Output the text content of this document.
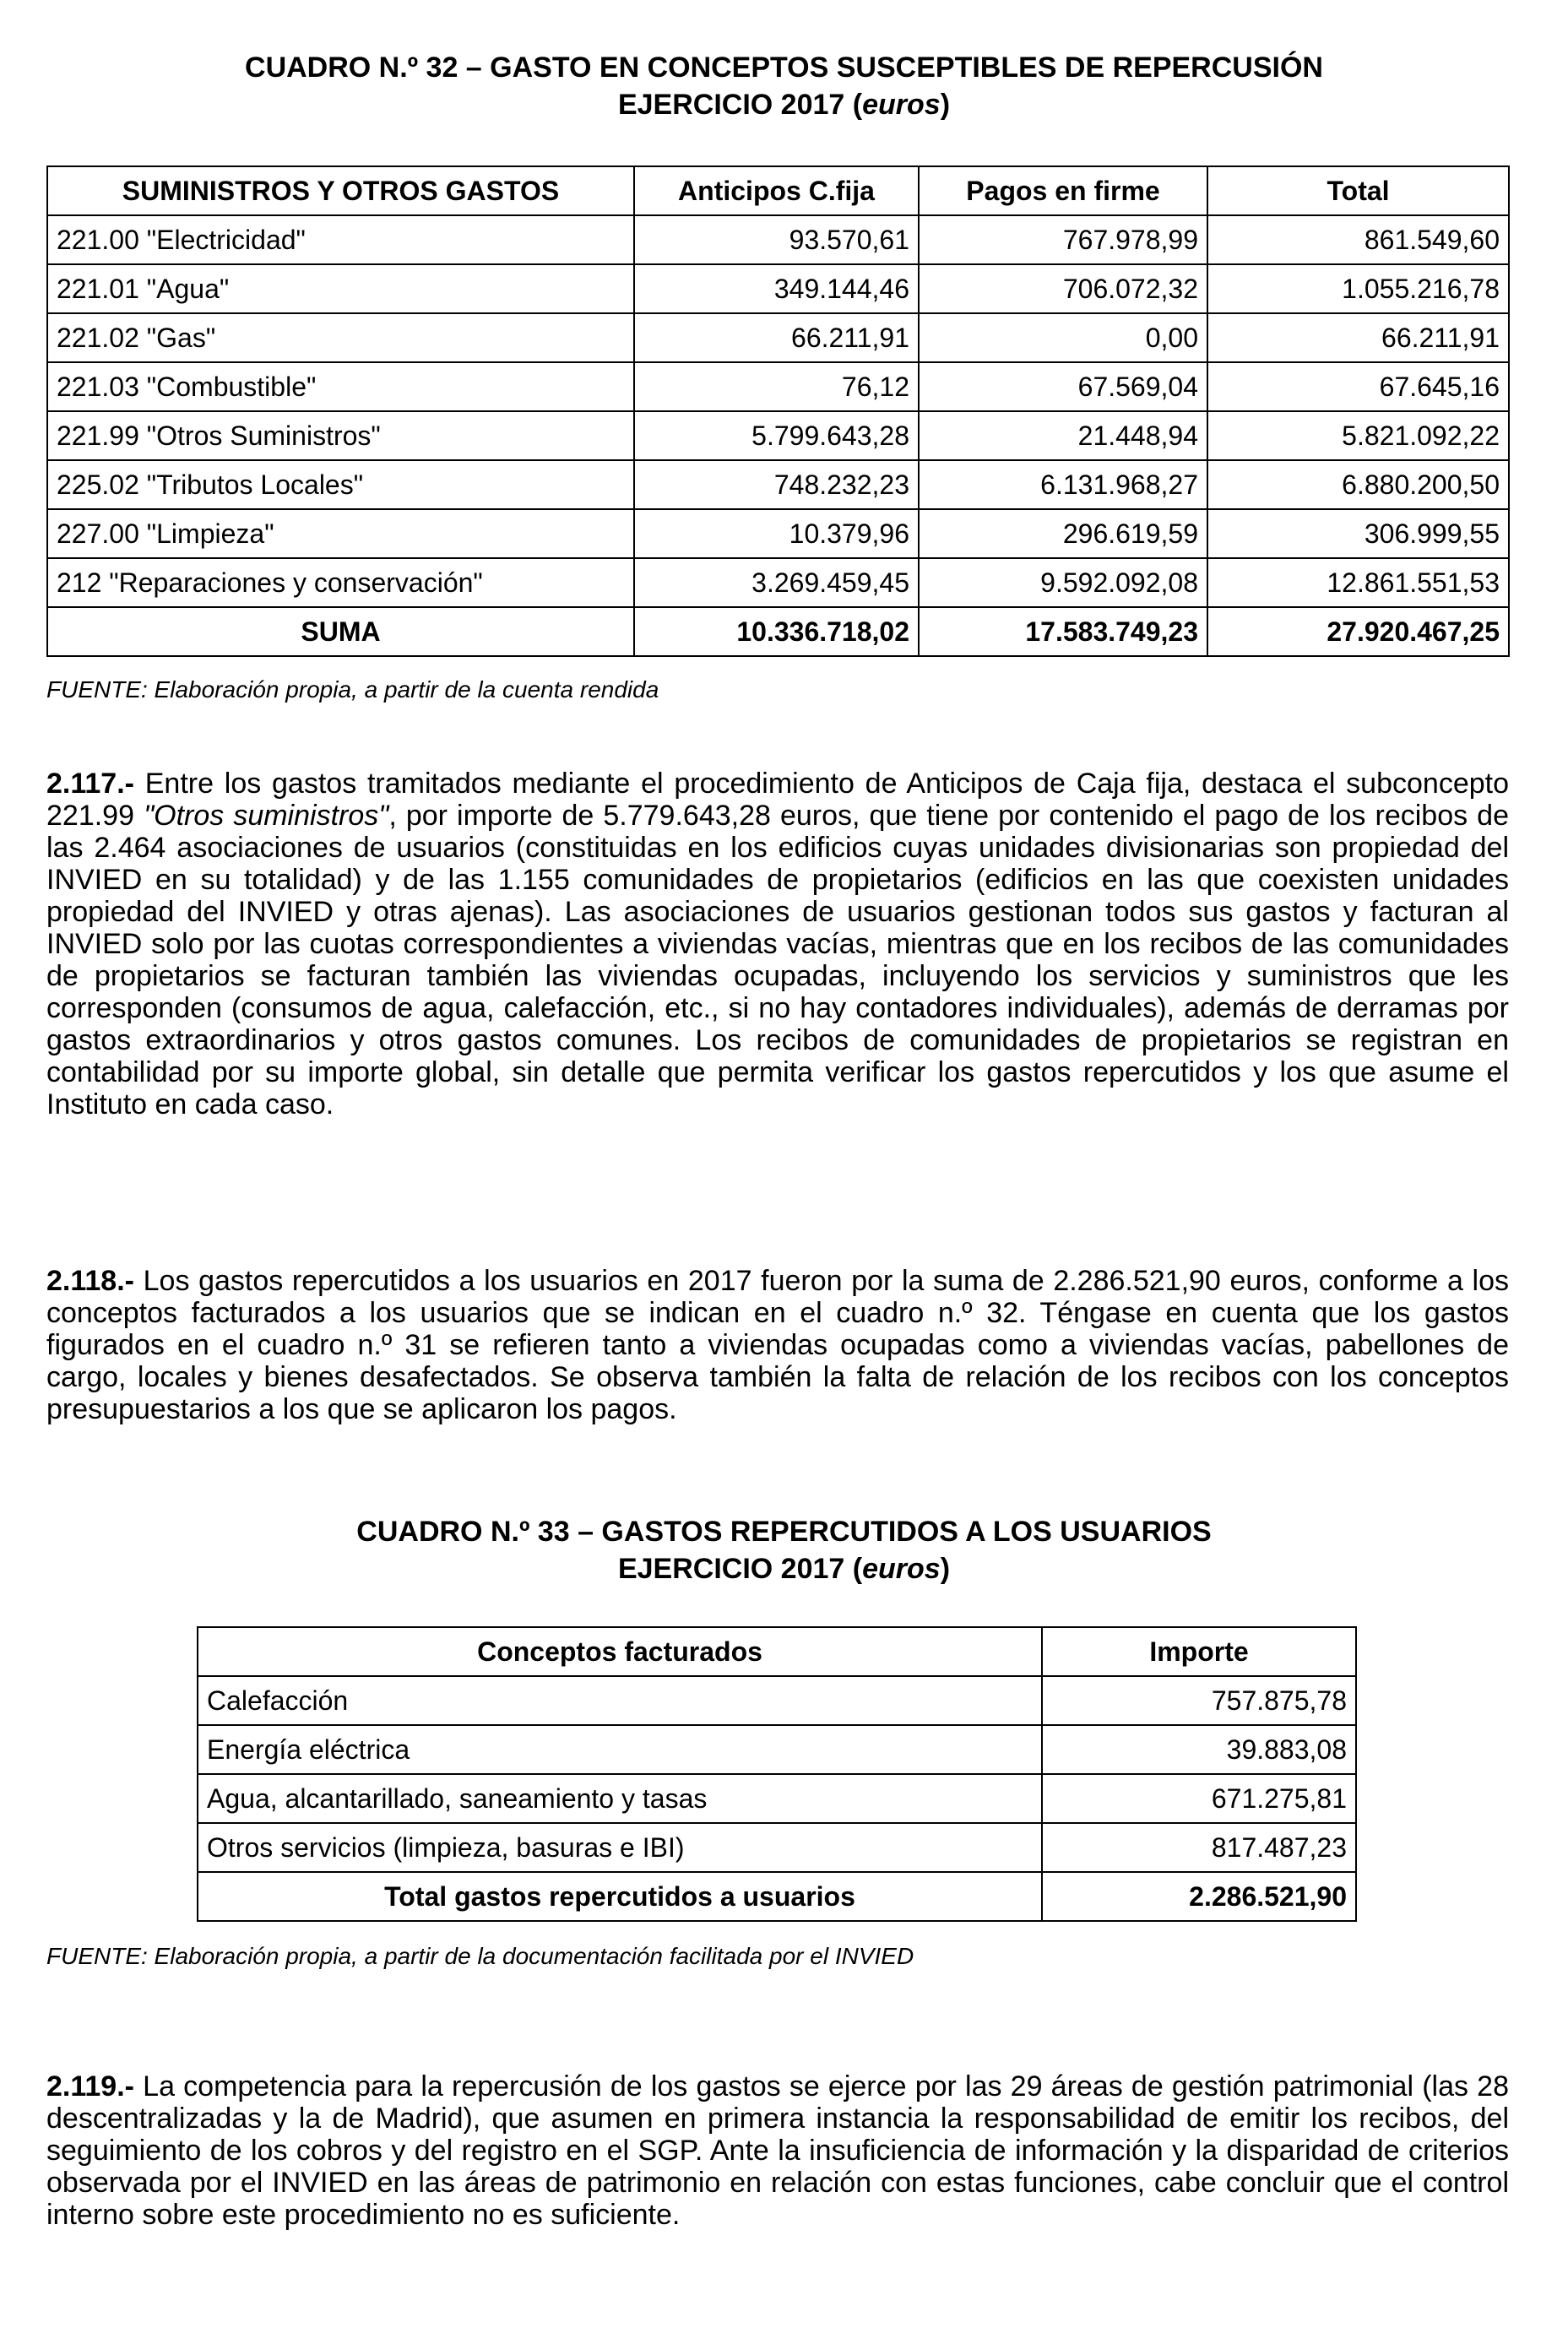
CUADRO N.º 32 – GASTO EN CONCEPTOS SUSCEPTIBLES DE REPERCUSIÓN
EJERCICIO 2017 (euros)
SUMINISTROS Y OTROS GASTOS	Anticipos C.fija	Pagos en firme	Total
221.00 "Electricidad"	93.570,61	767.978,99	861.549,60
221.01 "Agua"	349.144,46	706.072,32	1.055.216,78
221.02 "Gas"	66.211,91	0,00	66.211,91
221.03 "Combustible"	76,12	67.569,04	67.645,16
221.99 "Otros Suministros"	5.799.643,28	21.448,94	5.821.092,22
225.02 "Tributos Locales"	748.232,23	6.131.968,27	6.880.200,50
227.00 "Limpieza"	10.379,96	296.619,59	306.999,55
212 "Reparaciones y conservación"	3.269.459,45	9.592.092,08	12.861.551,53
SUMA	10.336.718,02	17.583.749,23	27.920.467,25
FUENTE: Elaboración propia, a partir de la cuenta rendida
2.117.- Entre los gastos tramitados mediante el procedimiento de Anticipos de Caja fija, destaca el subconcepto 221.99 "Otros suministros", por importe de 5.779.643,28 euros, que tiene por contenido el pago de los recibos de las 2.464 asociaciones de usuarios (constituidas en los edificios cuyas unidades divisionarias son propiedad del INVIED en su totalidad) y de las 1.155 comunidades de propietarios (edificios en las que coexisten unidades propiedad del INVIED y otras ajenas). Las asociaciones de usuarios gestionan todos sus gastos y facturan al INVIED solo por las cuotas correspondientes a viviendas vacías, mientras que en los recibos de las comunidades de propietarios se facturan también las viviendas ocupadas, incluyendo los servicios y suministros que les corresponden (consumos de agua, calefacción, etc., si no hay contadores individuales), además de derramas por gastos extraordinarios y otros gastos comunes. Los recibos de comunidades de propietarios se registran en contabilidad por su importe global, sin detalle que permita verificar los gastos repercutidos y los que asume el Instituto en cada caso.
2.118.- Los gastos repercutidos a los usuarios en 2017 fueron por la suma de 2.286.521,90 euros, conforme a los conceptos facturados a los usuarios que se indican en el cuadro n.º 32. Téngase en cuenta que los gastos figurados en el cuadro n.º 31 se refieren tanto a viviendas ocupadas como a viviendas vacías, pabellones de cargo, locales y bienes desafectados. Se observa también la falta de relación de los recibos con los conceptos presupuestarios a los que se aplicaron los pagos.
CUADRO N.º 33 – GASTOS REPERCUTIDOS A LOS USUARIOS
EJERCICIO 2017 (euros)
Conceptos facturados	Importe
Calefacción	757.875,78
Energía eléctrica	39.883,08
Agua, alcantarillado, saneamiento y tasas	671.275,81
Otros servicios (limpieza, basuras e IBI)	817.487,23
Total gastos repercutidos a usuarios	2.286.521,90
FUENTE: Elaboración propia, a partir de la documentación facilitada por el INVIED
2.119.- La competencia para la repercusión de los gastos se ejerce por las 29 áreas de gestión patrimonial (las 28 descentralizadas y la de Madrid), que asumen en primera instancia la responsabilidad de emitir los recibos, del seguimiento de los cobros y del registro en el SGP. Ante la insuficiencia de información y la disparidad de criterios observada por el INVIED en las áreas de patrimonio en relación con estas funciones, cabe concluir que el control interno sobre este procedimiento no es suficiente.
